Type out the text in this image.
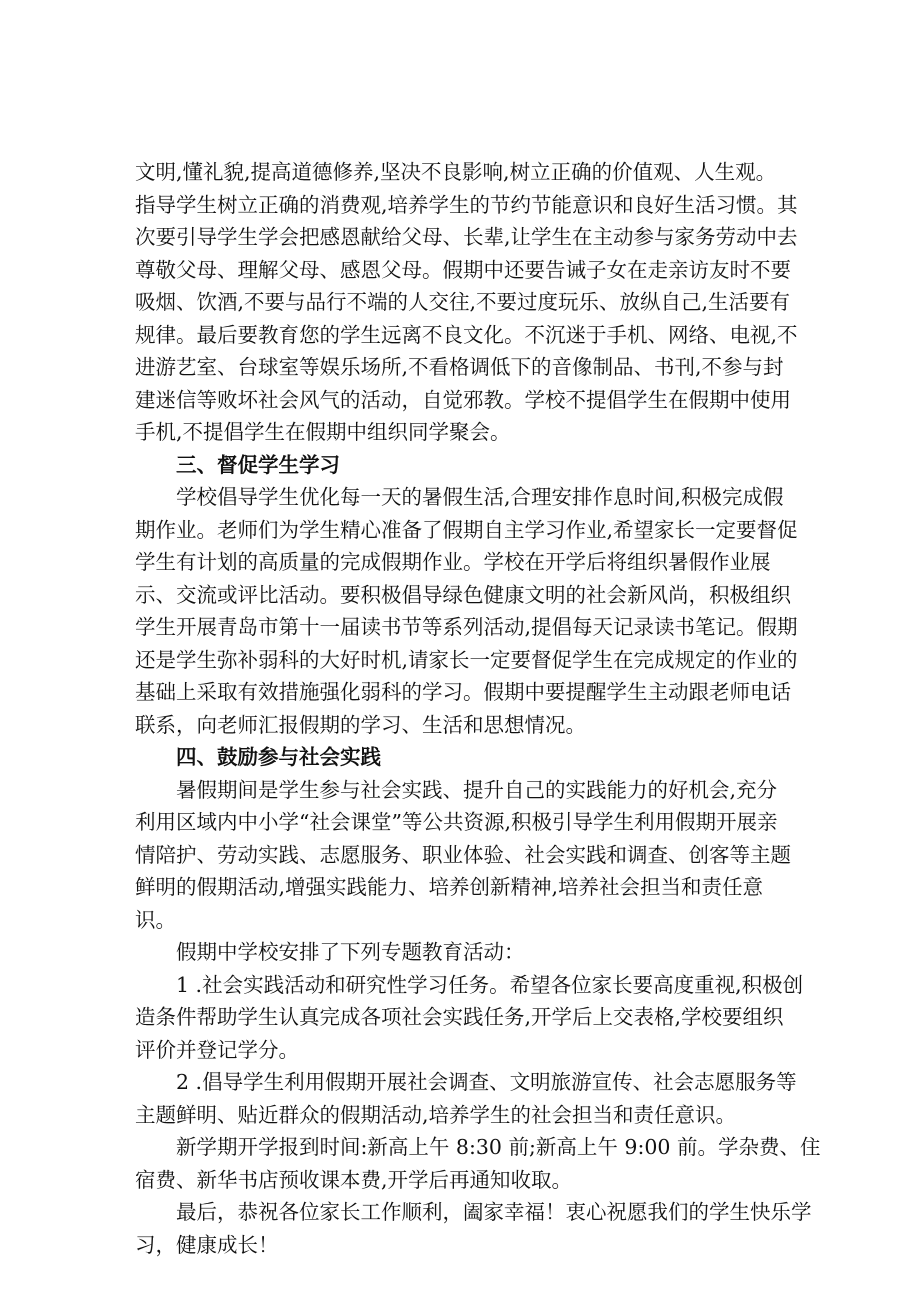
文明,懂礼貌,提高道德修养,坚决不良影响,树立正确的价值观、人生观。

指导学生树立正确的消费观,培养学生的节约节能意识和良好生活习惯。其

次要引导学生学会把感恩献给父母、长辈,让学生在主动参与家务劳动中去

尊敬父母、理解父母、感恩父母。假期中还要告诫子女在走亲访友时不要

吸烟、饮酒,不要与品行不端的人交往,不要过度玩乐、放纵自己,生活要有

规律。最后要教育您的学生远离不良文化。不沉迷于手机、网络、电视,不

进游艺室、台球室等娱乐场所,不看格调低下的音像制品、书刊,不参与封

建迷信等败坏社会风气的活动，自觉邪教。学校不提倡学生在假期中使用

手机,不提倡学生在假期中组织同学聚会。

三、督促学生学习

学校倡导学生优化每一天的暑假生活,合理安排作息时间,积极完成假

期作业。老师们为学生精心准备了假期自主学习作业,希望家长一定要督促

学生有计划的高质量的完成假期作业。学校在开学后将组织暑假作业展

示、交流或评比活动。要积极倡导绿色健康文明的社会新风尚，积极组织

学生开展青岛市第十一届读书节等系列活动,提倡每天记录读书笔记。假期

还是学生弥补弱科的大好时机,请家长一定要督促学生在完成规定的作业的

基础上采取有效措施强化弱科的学习。假期中要提醒学生主动跟老师电话

联系，向老师汇报假期的学习、生活和思想情况。

四、鼓励参与社会实践

暑假期间是学生参与社会实践、提升自己的实践能力的好机会,充分

利用区域内中小学“社会课堂”等公共资源,积极引导学生利用假期开展亲

情陪护、劳动实践、志愿服务、职业体验、社会实践和调查、创客等主题

鲜明的假期活动,增强实践能力、培养创新精神,培养社会担当和责任意

识。

假期中学校安排了下列专题教育活动：

1 .社会实践活动和研究性学习任务。希望各位家长要高度重视,积极创

造条件帮助学生认真完成各项社会实践任务,开学后上交表格,学校要组织

评价并登记学分。

2 .倡导学生利用假期开展社会调查、文明旅游宣传、社会志愿服务等

主题鲜明、贴近群众的假期活动,培养学生的社会担当和责任意识。

新学期开学报到时间:新高上午 8:30 前;新高上午 9:00 前。学杂费、住

宿费、新华书店预收课本费,开学后再通知收取。

最后，恭祝各位家长工作顺利，阖家幸福！衷心祝愿我们的学生快乐学

习，健康成长！
